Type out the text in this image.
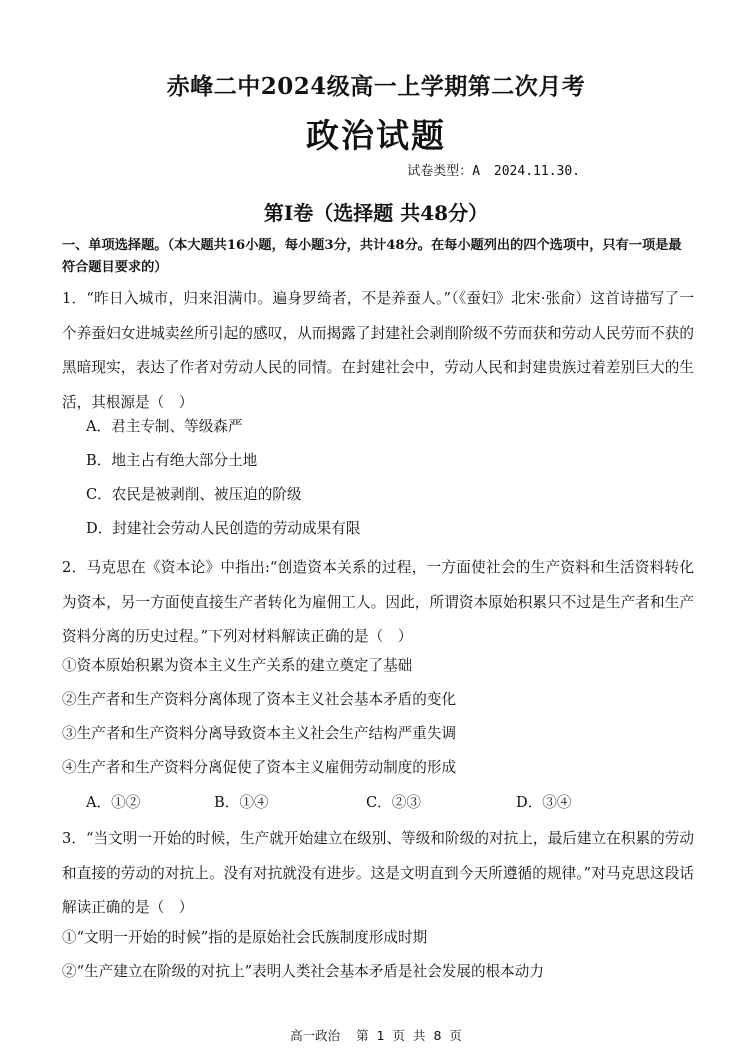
赤峰二中2024级高一上学期第二次月考
政治试题
试卷类型：A 2024.11.30.
第Ⅰ卷（选择题 共48分）
一、单项选择题。（本大题共16小题，每小题3分，共计48分。在每小题列出的四个选项中，只有一项是最符合题目要求的）
1．“昨日入城市，归来泪满巾。遍身罗绮者，不是养蚕人。”（《蚕妇》北宋·张俞）这首诗描写了一个养蚕妇女进城卖丝所引起的感叹，从而揭露了封建社会剥削阶级不劳而获和劳动人民劳而不获的黑暗现实，表达了作者对劳动人民的同情。在封建社会中，劳动人民和封建贵族过着差别巨大的生活，其根源是（　）
A．君主专制、等级森严
B．地主占有绝大部分土地
C．农民是被剥削、被压迫的阶级
D．封建社会劳动人民创造的劳动成果有限
2．马克思在《资本论》中指出:“创造资本关系的过程，一方面使社会的生产资料和生活资料转化为资本，另一方面使直接生产者转化为雇佣工人。因此，所谓资本原始积累只不过是生产者和生产资料分离的历史过程。”下列对材料解读正确的是（　）
①资本原始积累为资本主义生产关系的建立奠定了基础
②生产者和生产资料分离体现了资本主义社会基本矛盾的变化
③生产者和生产资料分离导致资本主义社会生产结构严重失调
④生产者和生产资料分离促使了资本主义雇佣劳动制度的形成
A．①②	B．①④	C．②③	D．③④
3．“当文明一开始的时候，生产就开始建立在级别、等级和阶级的对抗上，最后建立在积累的劳动和直接的劳动的对抗上。没有对抗就没有进步。这是文明直到今天所遵循的规律。”对马克思这段话解读正确的是（　）
①“文明一开始的时候”指的是原始社会氏族制度形成时期
②“生产建立在阶级的对抗上”表明人类社会基本矛盾是社会发展的根本动力
高一政治 第 1 页 共 8 页
